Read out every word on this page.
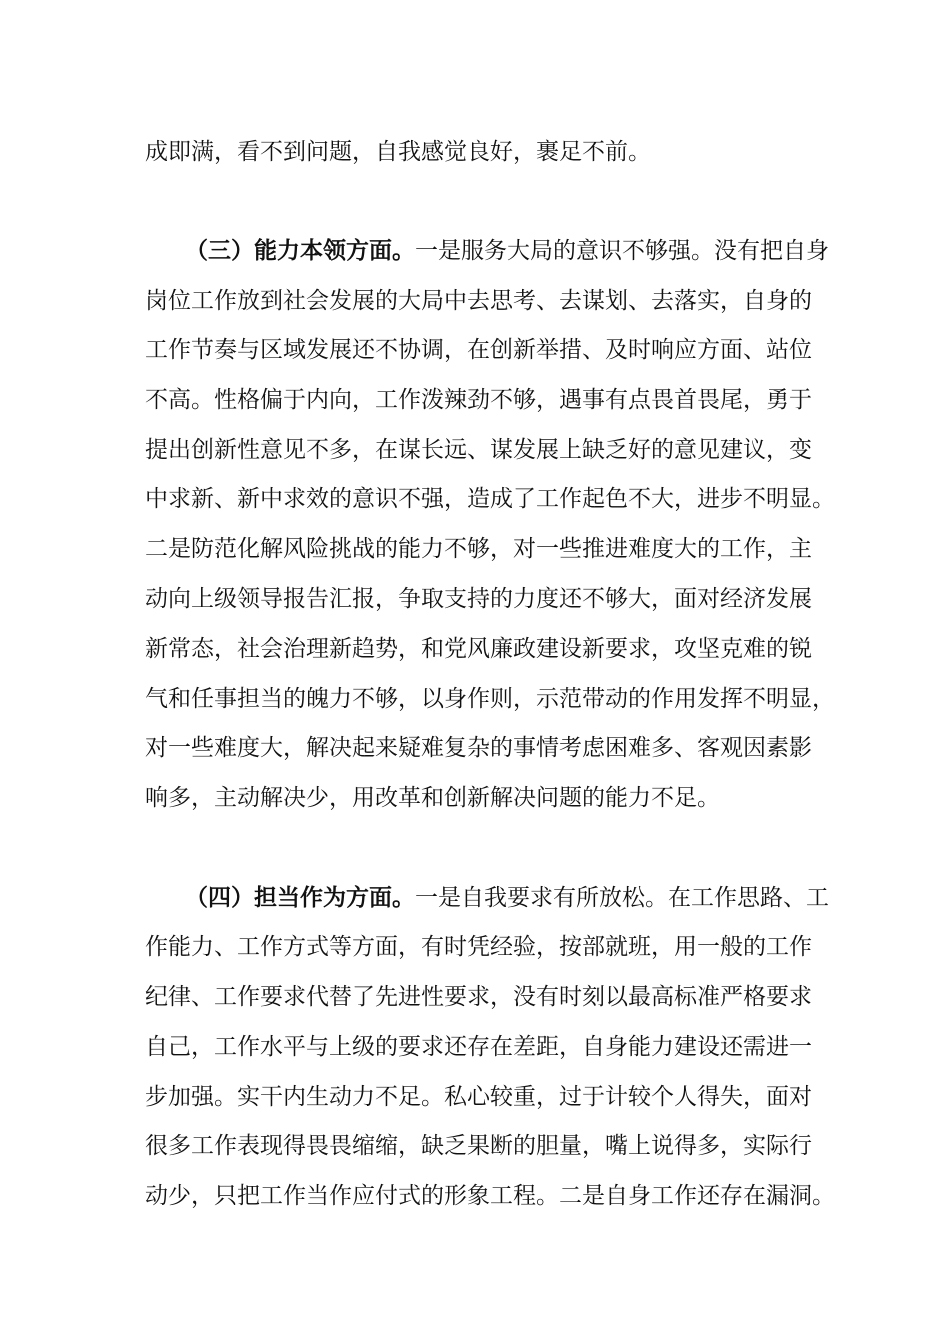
成即满，看不到问题，自我感觉良好，裹足不前。
（三）能力本领方面。一是服务大局的意识不够强。没有把自身
岗位工作放到社会发展的大局中去思考、去谋划、去落实，自身的
工作节奏与区域发展还不协调，在创新举措、及时响应方面、站位
不高。性格偏于内向，工作泼辣劲不够，遇事有点畏首畏尾，勇于
提出创新性意见不多，在谋长远、谋发展上缺乏好的意见建议，变
中求新、新中求效的意识不强，造成了工作起色不大，进步不明显。
二是防范化解风险挑战的能力不够，对一些推进难度大的工作，主
动向上级领导报告汇报，争取支持的力度还不够大，面对经济发展
新常态，社会治理新趋势，和党风廉政建设新要求，攻坚克难的锐
气和任事担当的魄力不够，以身作则，示范带动的作用发挥不明显，
对一些难度大，解决起来疑难复杂的事情考虑困难多、客观因素影
响多，主动解决少，用改革和创新解决问题的能力不足。
（四）担当作为方面。一是自我要求有所放松。在工作思路、工
作能力、工作方式等方面，有时凭经验，按部就班，用一般的工作
纪律、工作要求代替了先进性要求，没有时刻以最高标准严格要求
自己，工作水平与上级的要求还存在差距，自身能力建设还需进一
步加强。实干内生动力不足。私心较重，过于计较个人得失，面对
很多工作表现得畏畏缩缩，缺乏果断的胆量，嘴上说得多，实际行
动少，只把工作当作应付式的形象工程。二是自身工作还存在漏洞。
